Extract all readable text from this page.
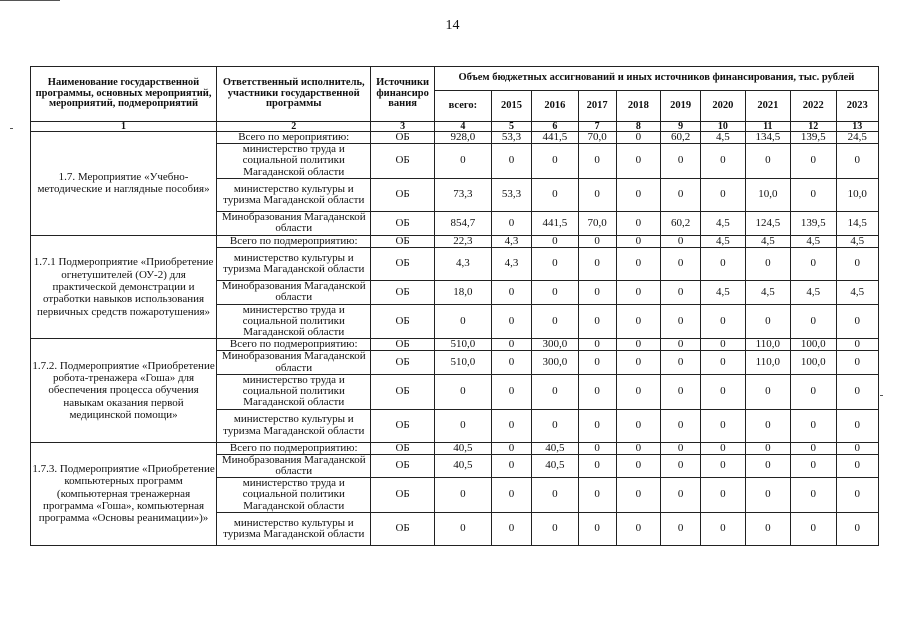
14
Наименование государственной программы, основных мероприятий, мероприятий, подмероприятий	Ответственный исполнитель, участники государственной программы	Источники финансиро вания	Объем бюджетных ассигнований и иных источников финансирования, тыс. рублей									
			всего:	2015	2016	2017	2018	2019	2020	2021	2022	2023
1	2	3	4	5	6	7	8	9	10	11	12	13
1.7. Мероприятие «Учебно-методические и наглядные пособия»	Всего по мероприятию:	ОБ	928,0	53,3	441,5	70,0	0	60,2	4,5	134,5	139,5	24,5
	министерство труда и социальной политики Магаданской области	ОБ	0	0	0	0	0	0	0	0	0	0
	министерство культуры и туризма Магаданской области	ОБ	73,3	53,3	0	0	0	0	0	10,0	0	10,0
	Минобразования Магаданской области	ОБ	854,7	0	441,5	70,0	0	60,2	4,5	124,5	139,5	14,5
1.7.1 Подмероприятие «Приобретение огнетушителей (ОУ-2) для практической демонстрации и отработки навыков использования первичных средств пожаротушения»	Всего по подмероприятию:	ОБ	22,3	4,3	0	0	0	0	4,5	4,5	4,5	4,5
	министерство культуры и туризма Магаданской области	ОБ	4,3	4,3	0	0	0	0	0	0	0	0
	Минобразования Магаданской области	ОБ	18,0	0	0	0	0	0	4,5	4,5	4,5	4,5
	министерство труда и социальной политики Магаданской области	ОБ	0	0	0	0	0	0	0	0	0	0
1.7.2. Подмероприятие «Приобретение робота-тренажера «Гоша» для обеспечения процесса обучения навыкам оказания первой медицинской помощи»	Всего по подмероприятию:	ОБ	510,0	0	300,0	0	0	0	0	110,0	100,0	0
	Минобразования Магаданской области	ОБ	510,0	0	300,0	0	0	0	0	110,0	100,0	0
	министерство труда и социальной политики Магаданской области	ОБ	0	0	0	0	0	0	0	0	0	0
	министерство культуры и туризма Магаданской области	ОБ	0	0	0	0	0	0	0	0	0	0
1.7.3. Подмероприятие «Приобретение компьютерных программ (компьютерная тренажерная программа «Гоша», компьютерная программа «Основы реанимации»)»	Всего по подмероприятию:	ОБ	40,5	0	40,5	0	0	0	0	0	0	0
	Минобразования Магаданской области	ОБ	40,5	0	40,5	0	0	0	0	0	0	0
	министерство труда и социальной политики Магаданской области	ОБ	0	0	0	0	0	0	0	0	0	0
	министерство культуры и туризма Магаданской области	ОБ	0	0	0	0	0	0	0	0	0	0
